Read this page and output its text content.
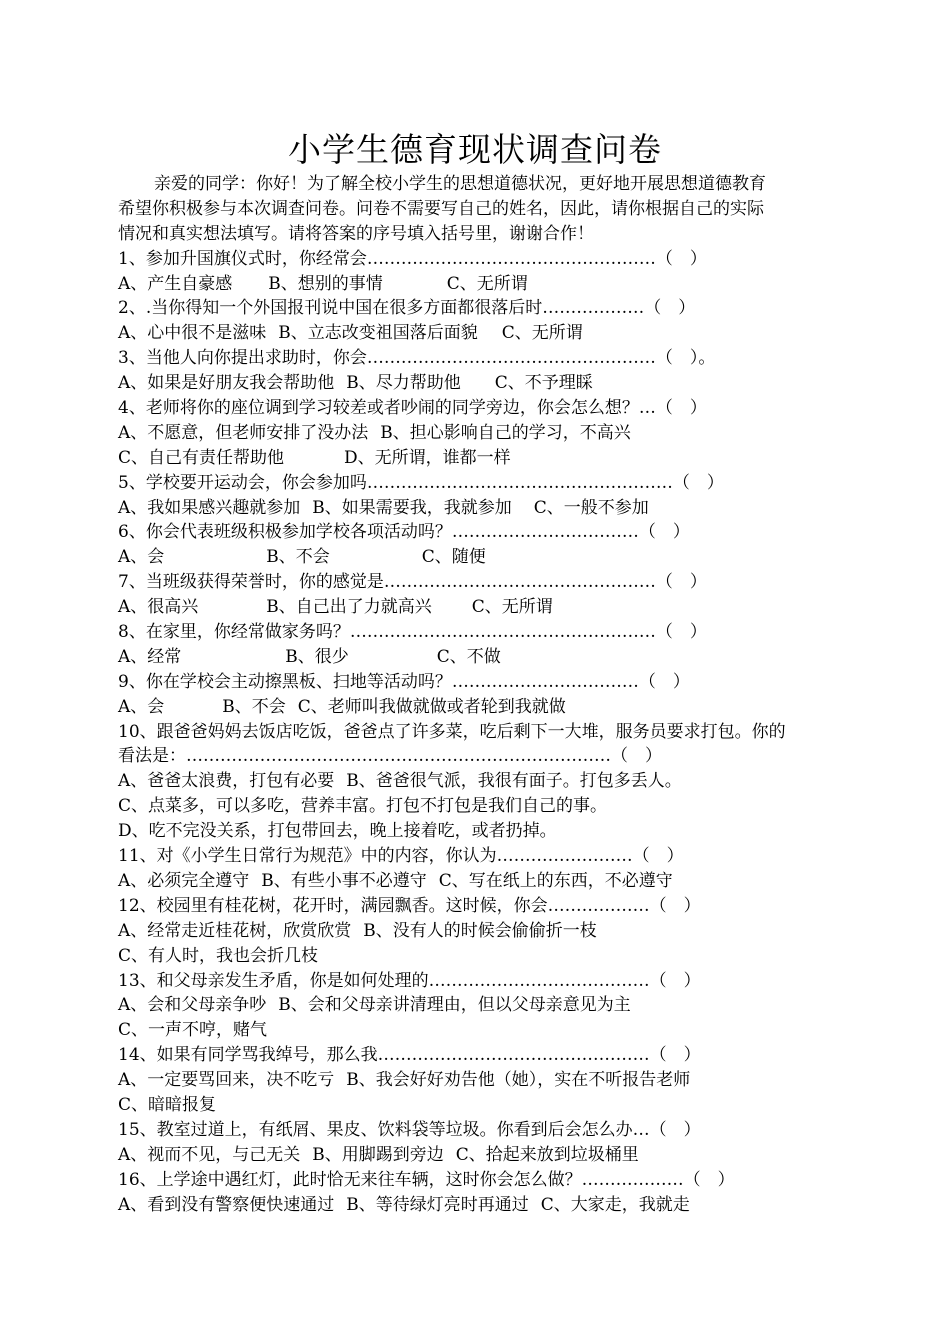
小学生德育现状调查问卷
亲爱的同学：你好！为了解全校小学生的思想道德状况，更好地开展思想道德教育
希望你积极参与本次调查问卷。问卷不需要写自己的姓名，因此，请你根据自己的实际
情况和真实想法填写。请将答案的序号填入括号里，谢谢合作！
1、参加升国旗仪式时，你经常会……………………………………………（　）
A、产生自豪感 B、想别的事情	C、无所谓
2、.当你得知一个外国报刊说中国在很多方面都很落后时………………（　）
A、心中很不是滋味 B、立志改变祖国落后面貌 C、无所谓
3、当他人向你提出求助时，你会……………………………………………（　）。
A、如果是好朋友我会帮助他 B、尽力帮助他 C、不予理睬
4、老师将你的座位调到学习较差或者吵闹的同学旁边，你会怎么想？…（　）
A、不愿意，但老师安排了没办法 B、担心影响自己的学习，不高兴
C、自己有责任帮助他	D、无所谓，谁都一样
5、学校要开运动会，你会参加吗………………………………………………（　）
A、我如果感兴趣就参加 B、如果需要我，我就参加 C、一般不参加
6、你会代表班级积极参加学校各项活动吗？……………………………（　）
A、会	B、不会	C、随便
7、当班级获得荣誉时，你的感觉是…………………………………………（　）
A、很高兴	B、自己出了力就高兴 C、无所谓
8、在家里，你经常做家务吗？………………………………………………（　）
A、经常	B、很少	C、不做
9、你在学校会主动擦黑板、扫地等活动吗？……………………………（　）
A、会	B、不会 C、老师叫我做就做或者轮到我就做
10、跟爸爸妈妈去饭店吃饭，爸爸点了许多菜，吃后剩下一大堆，服务员要求打包。你的
看法是：…………………………………………………………………（　）
A、爸爸太浪费，打包有必要 B、爸爸很气派，我很有面子。打包多丢人。
C、点菜多，可以多吃，营养丰富。打包不打包是我们自己的事。
D、吃不完没关系，打包带回去，晚上接着吃，或者扔掉。
11、对《小学生日常行为规范》中的内容，你认为……………………（　）
A、必须完全遵守 B、有些小事不必遵守 C、写在纸上的东西，不必遵守
12、校园里有桂花树，花开时，满园飘香。这时候，你会………………（　）
A、经常走近桂花树，欣赏欣赏 B、没有人的时候会偷偷折一枝
C、有人时，我也会折几枝
13、和父母亲发生矛盾，你是如何处理的…………………………………（　）
A、会和父母亲争吵 B、会和父母亲讲清理由，但以父母亲意见为主
C、一声不哼，赌气
14、如果有同学骂我绰号，那么我…………………………………………（　）
A、一定要骂回来，决不吃亏 B、我会好好劝告他（她），实在不听报告老师
C、暗暗报复
15、教室过道上，有纸屑、果皮、饮料袋等垃圾。你看到后会怎么办…（　）
A、视而不见，与己无关 B、用脚踢到旁边 C、拾起来放到垃圾桶里
16、上学途中遇红灯，此时恰无来往车辆，这时你会怎么做？………………（　）
A、看到没有警察便快速通过 B、等待绿灯亮时再通过 C、大家走，我就走
